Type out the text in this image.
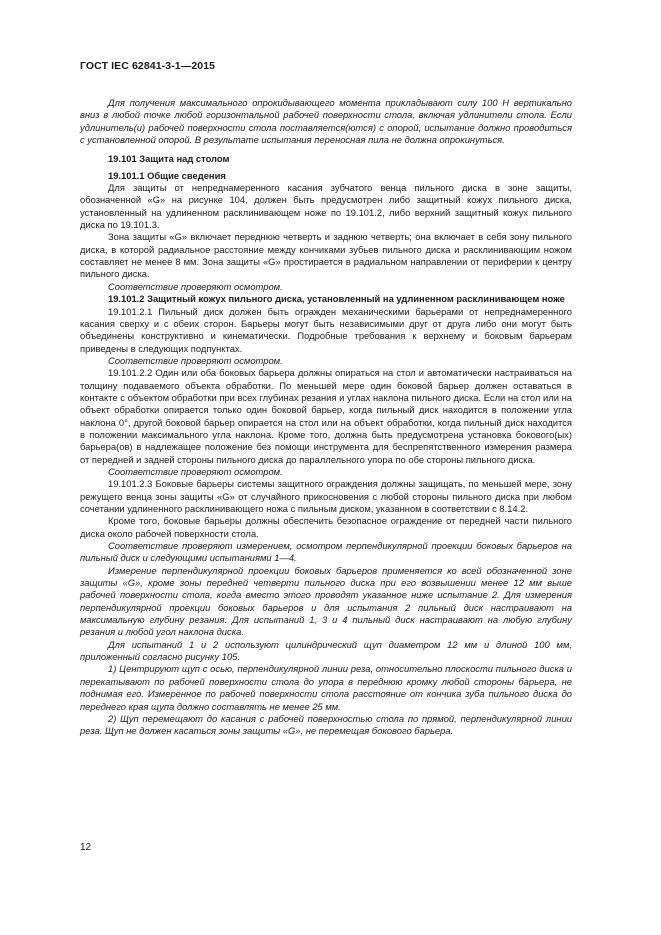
ГОСТ IEC 62841-3-1—2015

Для получения максимального опрокидывающего момента прикладывают силу 100 Н вертикально вниз в любой точке любой горизонтальной рабочей поверхности стола, включая удлинители стола. Если удлинитель(и) рабочей поверхности стола поставляется(ются) с опорой, испытание должно проводиться с установленной опорой. В результате испытания переносная пила не должна опрокинуться.

19.101 Защита над столом

19.101.1 Общие сведения

Для защиты от непреднамеренного касания зубчатого венца пильного диска в зоне защиты, обозначенной «G» на рисунке 104, должен быть предусмотрен либо защитный кожух пильного диска, установленный на удлиненном расклинивающем ноже по 19.101.2, либо верхний защитный кожух пильного диска по 19.101.3.

Зона защиты «G» включает переднюю четверть и заднюю четверть; она включает в себя зону пильного диска, в которой радиальное расстояние между кончиками зубьев пильного диска и расклинивающим ножом составляет не менее 8 мм. Зона защиты «G» простирается в радиальном направлении от периферии к центру пильного диска.

Соответствие проверяют осмотром.

19.101.2 Защитный кожух пильного диска, установленный на удлиненном расклинивающем ноже

19.101.2.1 Пильный диск должен быть огражден механическими барьерами от непреднамеренного касания сверху и с обеих сторон. Барьеры могут быть независимыми друг от друга либо они могут быть объединены конструктивно и кинематически. Подробные требования к верхнему и боковым барьерам приведены в следующих подпунктах.

Соответствие проверяют осмотром.

19.101.2.2 Один или оба боковых барьера должны опираться на стол и автоматически настраиваться на толщину подаваемого объекта обработки. По меньшей мере один боковой барьер должен оставаться в контакте с объектом обработки при всех глубинах резания и углах наклона пильного диска. Если на стол или на объект обработки опирается только один боковой барьер, когда пильный диск находится в положении угла наклона 0°, другой боковой барьер опирается на стол или на объект обработки, когда пильный диск находится в положении максимального угла наклона. Кроме того, должна быть предусмотрена установка бокового(ых) барьера(ов) в надлежащее положение без помощи инструмента для беспрепятственного измерения размера от передней и задней стороны пильного диска до параллельного упора по обе стороны пильного диска.

Соответствие проверяют осмотром.

19.101.2.3 Боковые барьеры системы защитного ограждения должны защищать, по меньшей мере, зону режущего венца зоны защиты «G» от случайного прикосновения с любой стороны пильного диска при любом сочетании удлиненного расклинивающего ножа с пильным диском, указанном в соответствии с 8.14.2.

Кроме того, боковые барьеры должны обеспечить безопасное ограждение от передней части пильного диска около рабочей поверхности стола.

Соответствие проверяют измерением, осмотром перпендикулярной проекции боковых барьеров на пильный диск и следующими испытаниями 1—4.

Измерение перпендикулярной проекции боковых барьеров применяется ко всей обозначенной зоне защиты «G», кроме зоны передней четверти пильного диска при его возвышении менее 12 мм выше рабочей поверхности стола, когда вместо этого проводят указанное ниже испытание 2. Для измерения перпендикулярной проекции боковых барьеров и для испытания 2 пильный диск настраивают на максимальную глубину резания. Для испытаний 1, 3 и 4 пильный диск настраивают на любую глубину резания и любой угол наклона диска.

Для испытаний 1 и 2 используют цилиндрический щуп диаметром 12 мм и длиной 100 мм, приложенный согласно рисунку 105.

1) Центрируют щуп с осью, перпендикулярной линии реза, относительно плоскости пильного диска и перекатывают по рабочей поверхности стола до упора в переднюю кромку любой стороны барьера, не поднимая его. Измеренное по рабочей поверхности стола расстояние от кончика зуба пильного диска до переднего края щупа должно составлять не менее 25 мм.

2) Щуп перемещают до касания с рабочей поверхностью стола по прямой, перпендикулярной линии реза. Щуп не должен касаться зоны защиты «G», не перемещая бокового барьера.

12
